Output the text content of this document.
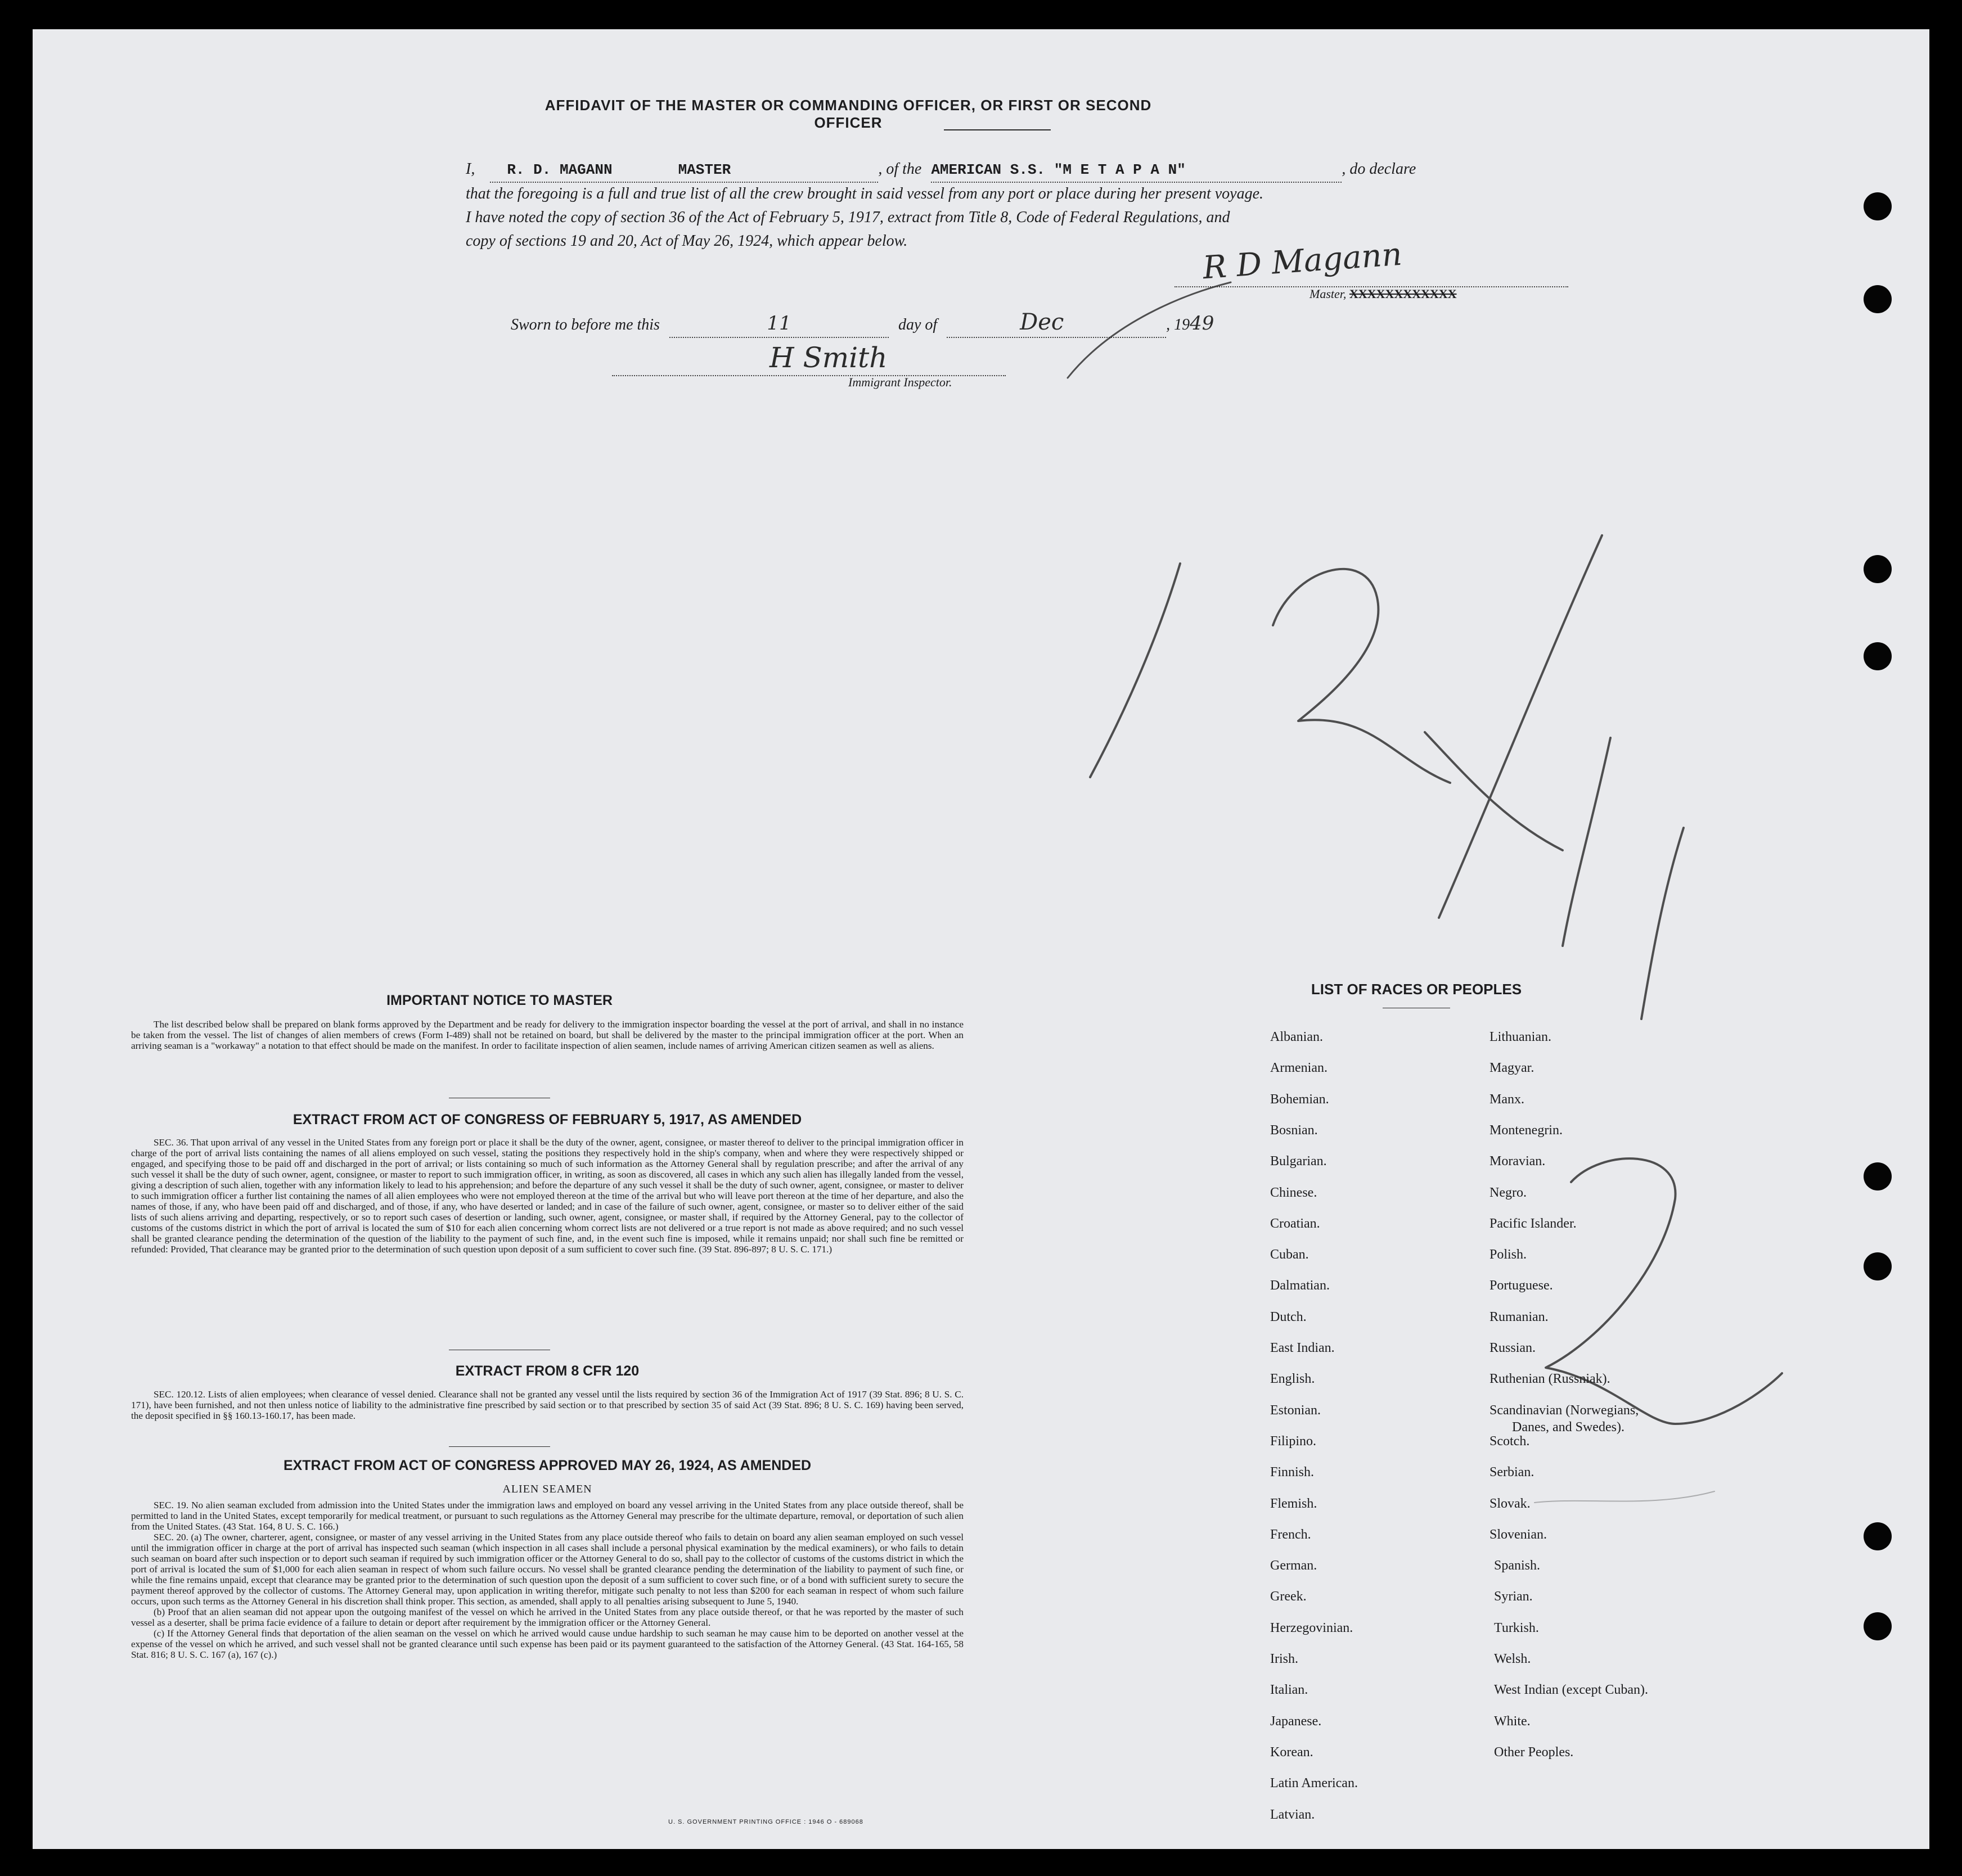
AFFIDAVIT OF THE MASTER OR COMMANDING OFFICER, OR FIRST OR SECOND OFFICER
I, R. D. MAGANN	MASTER	, of the AMERICAN S.S. "M E T A P A N"	, do declare
that the foregoing is a full and true list of all the crew brought in said vessel from any port or place during her present voyage.
I have noted the copy of section 36 of the Act of February 5, 1917, extract from Title 8, Code of Federal Regulations, and
copy of sections 19 and 20, Act of May 26, 1924, which appear below.	R D Magann
Master, XXXXXXXXXXXX
Sworn to before me this	11	day of	Dec	, 1949
H Smith
Immigrant Inspector.
IMPORTANT NOTICE TO MASTER

The list described below shall be prepared on blank forms approved by the Department and be ready for delivery to the immigration inspector boarding the vessel at the port of arrival, and shall in no instance be taken from the vessel. The list of changes of alien members of crews (Form I-489) shall not be retained on board, but shall be delivered by the master to the principal immigration officer at the port. When an arriving seaman is a "workaway" a notation to that effect should be made on the manifest. In order to facilitate inspection of alien seamen, include names of arriving American citizen seamen as well as aliens.

EXTRACT FROM ACT OF CONGRESS OF FEBRUARY 5, 1917, AS AMENDED

SEC. 36. That upon arrival of any vessel in the United States from any foreign port or place it shall be the duty of the owner, agent, consignee, or master thereof to deliver to the principal immigration officer in charge of the port of arrival lists containing the names of all aliens employed on such vessel, stating the positions they respectively hold in the ship's company, when and where they were respectively shipped or engaged, and specifying those to be paid off and discharged in the port of arrival; or lists containing so much of such information as the Attorney General shall by regulation prescribe; and after the arrival of any such vessel it shall be the duty of such owner, agent, consignee, or master to report to such immigration officer, in writing, as soon as discovered, all cases in which any such alien has illegally landed from the vessel, giving a description of such alien, together with any information likely to lead to his apprehension; and before the departure of any such vessel it shall be the duty of such owner, agent, consignee, or master to deliver to such immigration officer a further list containing the names of all alien employees who were not employed thereon at the time of the arrival but who will leave port thereon at the time of her departure, and also the names of those, if any, who have been paid off and discharged, and of those, if any, who have deserted or landed; and in case of the failure of such owner, agent, consignee, or master so to deliver either of the said lists of such aliens arriving and departing, respectively, or so to report such cases of desertion or landing, such owner, agent, consignee, or master shall, if required by the Attorney General, pay to the collector of customs of the customs district in which the port of arrival is located the sum of $10 for each alien concerning whom correct lists are not delivered or a true report is not made as above required; and no such vessel shall be granted clearance pending the determination of the question of the liability to the payment of such fine, and, in the event such fine is imposed, while it remains unpaid; nor shall such fine be remitted or refunded: Provided, That clearance may be granted prior to the determination of such question upon deposit of a sum sufficient to cover such fine. (39 Stat. 896-897; 8 U. S. C. 171.)

EXTRACT FROM 8 CFR 120

SEC. 120.12. Lists of alien employees; when clearance of vessel denied. Clearance shall not be granted any vessel until the lists required by section 36 of the Immigration Act of 1917 (39 Stat. 896; 8 U. S. C. 171), have been furnished, and not then unless notice of liability to the administrative fine prescribed by said section or to that prescribed by section 35 of said Act (39 Stat. 896; 8 U. S. C. 169) having been served, the deposit specified in §§ 160.13-160.17, has been made.

EXTRACT FROM ACT OF CONGRESS APPROVED MAY 26, 1924, AS AMENDED
ALIEN SEAMEN

SEC. 19. No alien seaman excluded from admission into the United States under the immigration laws and employed on board any vessel arriving in the United States from any place outside thereof, shall be permitted to land in the United States, except temporarily for medical treatment, or pursuant to such regulations as the Attorney General may prescribe for the ultimate departure, removal, or deportation of such alien from the United States. (43 Stat. 164, 8 U. S. C. 166.)

SEC. 20. (a) The owner, charterer, agent, consignee, or master of any vessel arriving in the United States from any place outside thereof who fails to detain on board any alien seaman employed on such vessel until the immigration officer in charge at the port of arrival has inspected such seaman (which inspection in all cases shall include a personal physical examination by the medical examiners), or who fails to detain such seaman on board after such inspection or to deport such seaman if required by such immigration officer or the Attorney General to do so, shall pay to the collector of customs of the customs district in which the port of arrival is located the sum of $1,000 for each alien seaman in respect of whom such failure occurs. No vessel shall be granted clearance pending the determination of the liability to payment of such fine, or while the fine remains unpaid, except that clearance may be granted prior to the determination of such question upon the deposit of a sum sufficient to cover such fine, or of a bond with sufficient surety to secure the payment thereof approved by the collector of customs. The Attorney General may, upon application in writing therefor, mitigate such penalty to not less than $200 for each seaman in respect of whom such failure occurs, upon such terms as the Attorney General in his discretion shall think proper. This section, as amended, shall apply to all penalties arising subsequent to June 5, 1940.

(b) Proof that an alien seaman did not appear upon the outgoing manifest of the vessel on which he arrived in the United States from any place outside thereof, or that he was reported by the master of such vessel as a deserter, shall be prima facie evidence of a failure to detain or deport after requirement by the immigration officer or the Attorney General.

(c) If the Attorney General finds that deportation of the alien seaman on the vessel on which he arrived would cause undue hardship to such seaman he may cause him to be deported on another vessel at the expense of the vessel on which he arrived, and such vessel shall not be granted clearance until such expense has been paid or its payment guaranteed to the satisfaction of the Attorney General. (43 Stat. 164-165, 58 Stat. 816; 8 U. S. C. 167 (a), 167 (c).)

U. S. GOVERNMENT PRINTING OFFICE : 1946 O - 689068
LIST OF RACES OR PEOPLES
Albanian.
Armenian.
Bohemian.
Bosnian.
Bulgarian.
Chinese.
Croatian.
Cuban.
Dalmatian.
Dutch.
East Indian.
English.
Estonian.
Filipino.
Finnish.
Flemish.
French.
German.
Greek.
Herzegovinian.
Irish.
Italian.
Japanese.
Korean.
Latin American.
Latvian.
Lithuanian.
Magyar.
Manx.
Montenegrin.
Moravian.
Negro.
Pacific Islander.
Polish.
Portuguese.
Rumanian.
Russian.
Ruthenian (Russniak).
Scandinavian (Norwegians,
Danes, and Swedes).
Scotch.
Serbian.
Slovak.
Slovenian.
Spanish.
Syrian.
Turkish.
Welsh.
West Indian (except Cuban).
White.
Other Peoples.
